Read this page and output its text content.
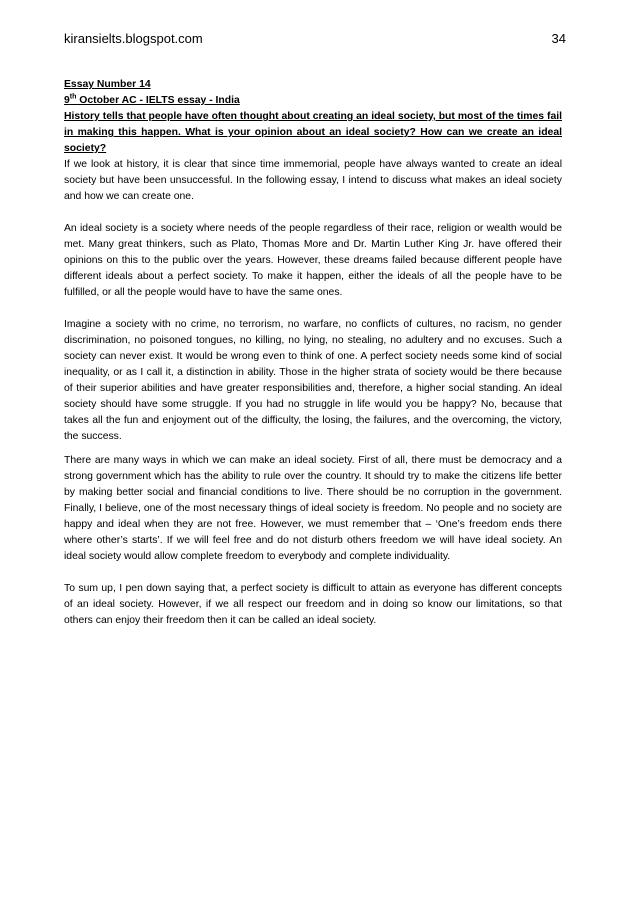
kiransielts.blogspot.com	34

Essay Number 14

9th October AC - IELTS essay - India

History tells that people have often thought about creating an ideal society, but most of the times fail in making this happen. What is your opinion about an ideal society? How can we create an ideal society?

If we look at history, it is clear that since time immemorial, people have always wanted to create an ideal society but have been unsuccessful. In the following essay, I intend to discuss what makes an ideal society and how we can create one.

An ideal society is a society where needs of the people regardless of their race, religion or wealth would be met. Many great thinkers, such as Plato, Thomas More and Dr. Martin Luther King Jr. have offered their opinions on this to the public over the years. However, these dreams failed because different people have different ideals about a perfect society. To make it happen, either the ideals of all the people have to be fulfilled, or all the people would have to have the same ones.

Imagine a society with no crime, no terrorism, no warfare, no conflicts of cultures, no racism, no gender discrimination, no poisoned tongues, no killing, no lying, no stealing, no adultery and no excuses. Such a society can never exist. It would be wrong even to think of one. A perfect society needs some kind of social inequality, or as I call it, a distinction in ability. Those in the higher strata of society would be there because of their superior abilities and have greater responsibilities and, therefore, a higher social standing. An ideal society should have some struggle. If you had no struggle in life would you be happy? No, because that takes all the fun and enjoyment out of the difficulty, the losing, the failures, and the overcoming, the victory, the success.

There are many ways in which we can make an ideal society. First of all, there must be democracy and a strong government which has the ability to rule over the country. It should try to make the citizens life better by making better social and financial conditions to live. There should be no corruption in the government. Finally, I believe, one of the most necessary things of ideal society is freedom. No people and no society are happy and ideal when they are not free. However, we must remember that – ‘One’s freedom ends there where other’s starts’. If we will feel free and do not disturb others freedom we will have ideal society. An ideal society would allow complete freedom to everybody and complete individuality.

To sum up, I pen down saying that, a perfect society is difficult to attain as everyone has different concepts of an ideal society. However, if we all respect our freedom and in doing so know our limitations, so that others can enjoy their freedom then it can be called an ideal society.
